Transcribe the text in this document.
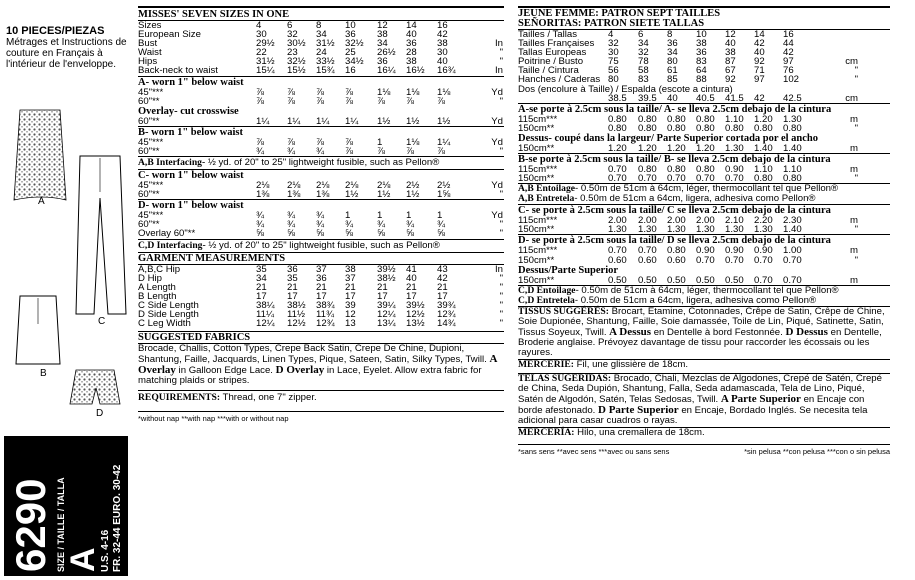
10 PIECES/PIEZAS
Métrages et Instructions de couture en Français à l'intérieur de l'enveloppe.
A
B
C
D
6290 SIZE / TAILLE / TALLA
A
U.S. 4-16
FR. 32-44 EURO. 30-42
MISSES' SEVEN SIZES IN ONE
Sizes	4	6	8	10	12	14	16	
European Size	30	32	34	36	38	40	42	
Bust	29½	30½	31½	32½	34	36	38	In
Waist	22	23	24	25	26½	28	30	"
Hips	31½	32½	33½	34½	36	38	40	"
Back-neck to waist	15¼	15½	15¾	16	16¼	16½	16¾	In
A- worn 1" below waist
45"***	⅞	⅞	⅞	⅞	1⅛	1⅛	1⅛	Yd
60"**	⅞	⅞	⅞	⅞	⅞	⅞	⅞	"
Overlay- cut crosswise
60"**	1¼	1¼	1¼	1¼	1½	1½	1½	Yd
B- worn 1" below waist
45"***	⅞	⅞	⅞	⅞	1	1⅛	1¼	Yd
60"**	¾	¾	¾	⅞	⅞	⅞	⅞	"
A,B Interfacing- ½ yd. of 20" to 25" lightweight fusible, such as Pellon®
C- worn 1" below waist
45"***	2⅛	2⅛	2⅛	2⅛	2⅛	2½	2½	Yd
60"**	1⅜	1⅜	1⅜	1½	1½	1½	1⅝	"
D- worn 1" below waist
45"***	¾	¾	¾	1	1	1	1	Yd
60"**	¾	¾	¾	¾	¾	¾	¾	"
Overlay 60"**	⅝	⅝	⅝	⅝	⅝	⅝	⅝	"
C,D Interfacing- ½ yd. of 20" to 25" lightweight fusible, such as Pellon®
GARMENT MEASUREMENTS
A,B,C Hip	35	36	37	38	39½	41	43	In
D Hip	34	35	36	37	38½	40	42	"
A Length	21	21	21	21	21	21	21	"
B Length	17	17	17	17	17	17	17	"
C Side Length	38¼	38½	38¾	39	39¼	39½	39¾	"
D Side Length	11¼	11½	11¾	12	12¼	12½	12¾	"
C Leg Width	12¼	12½	12¾	13	13¼	13½	14¾	"
SUGGESTED FABRICS
Brocade, Challis, Cotton Types, Crepe Back Satin, Crepe De Chine, Dupioni, Shantung, Faille, Jacquards, Linen Types, Pique, Sateen, Satin, Silky Types, Twill. A Overlay in Galloon Edge Lace. D Overlay in Lace, Eyelet. Allow extra fabric for matching plaids or stripes.
REQUIREMENTS: Thread, one 7" zipper.
*without nap **with nap ***with or without nap
JEUNE FEMME: PATRON SEPT TAILLES
SEÑORITAS: PATRON SIETE TALLAS
Tailles / Tallas	4	6	8	10	12	14	16	
Tailles Françaises	32	34	36	38	40	42	44	
Tallas Europeas	30	32	34	36	38	40	42	
Poitrine / Busto	75	78	80	83	87	92	97	cm
Taille / Cintura	56	58	61	64	67	71	76	"
Hanches / Caderas	80	83	85	88	92	97	102	"
Dos (encolure à Taille) / Espalda (escote a cintura)
	38.5	39.5	40	40.5	41.5	42	42.5	cm
A-se porte à 2.5cm sous la taille/ A- se lleva 2.5cm debajo de la cintura
115cm***	0.80	0.80	0.80	0.80	1.10	1.20	1.30	m
150cm**	0.80	0.80	0.80	0.80	0.80	0.80	0.80	"
Dessus- coupé dans la largeur/ Parte Superior cortada por el ancho
150cm**	1.20	1.20	1.20	1.20	1.30	1.40	1.40	m
B-se porte à 2.5cm sous la taille/ B- se lleva 2.5cm debajo de la cintura
115cm***	0.70	0.80	0.80	0.80	0.90	1.10	1.10	m
150cm**	0.70	0.70	0.70	0.70	0.70	0.80	0.80	"
A,B Entoilage- 0.50m de 51cm à 64cm, léger, thermocollant tel que Pellon®
A,B Entretela- 0.50m de 51cm a 64cm, ligera, adhesiva como Pellon®
C- se porte à 2.5cm sous la taille/ C se lleva 2.5cm debajo de la cintura
115cm***	2.00	2.00	2.00	2.00	2.10	2.20	2.30	m
150cm**	1.30	1.30	1.30	1.30	1.30	1.30	1.40	"
D- se porte à 2.5cm sous la taille/ D se lleva 2.5cm debajo de la cintura
115cm***	0.70	0.70	0.80	0.90	0.90	0.90	1.00	m
150cm**	0.60	0.60	0.60	0.70	0.70	0.70	0.70	"
Dessus/Parte Superior
150cm**	0.50	0.50	0.50	0.50	0.50	0.70	0.70	m
C,D Entoilage- 0.50m de 51cm à 64cm, léger, thermocollant tel que Pellon®
C,D Entretela- 0.50m de 51cm a 64cm, ligera, adhesiva como Pellon®
TISSUS SUGGÉRÉS: Brocart, Étamine, Cotonnades, Crêpe de Satin, Crêpe de Chine, Soie Dupionée, Shantung, Faille, Soie damassée, Toile de Lin, Piqué, Satinette, Satin, Tissus Soyeux, Twill. A Dessus en Dentelle à bord Festonnée. D Dessus en Dentelle, Broderie anglaise. Prévoyez davantage de tissu pour raccorder les écossais ou les rayures.
MERCERIE: Fil, une glissière de 18cm.
TELAS SUGERIDAS: Brocado, Chali, Mezclas de Algodones, Crepé de Satén, Crepé de China, Seda Dupión, Shantung, Falla, Seda adamascada, Tela de Lino, Piqué, Satén de Algodón, Satén, Telas Sedosas, Twill. A Parte Superior en Encaje con borde afestonado. D Parte Superior en Encaje, Bordado Inglés. Se necesita tela adicional para casar cuadros o rayas.
MERCERÍA: Hilo, una cremallera de 18cm.
*sans sens **avec sens ***avec ou sans sens	*sin pelusa **con pelusa ***con o sin pelusa
